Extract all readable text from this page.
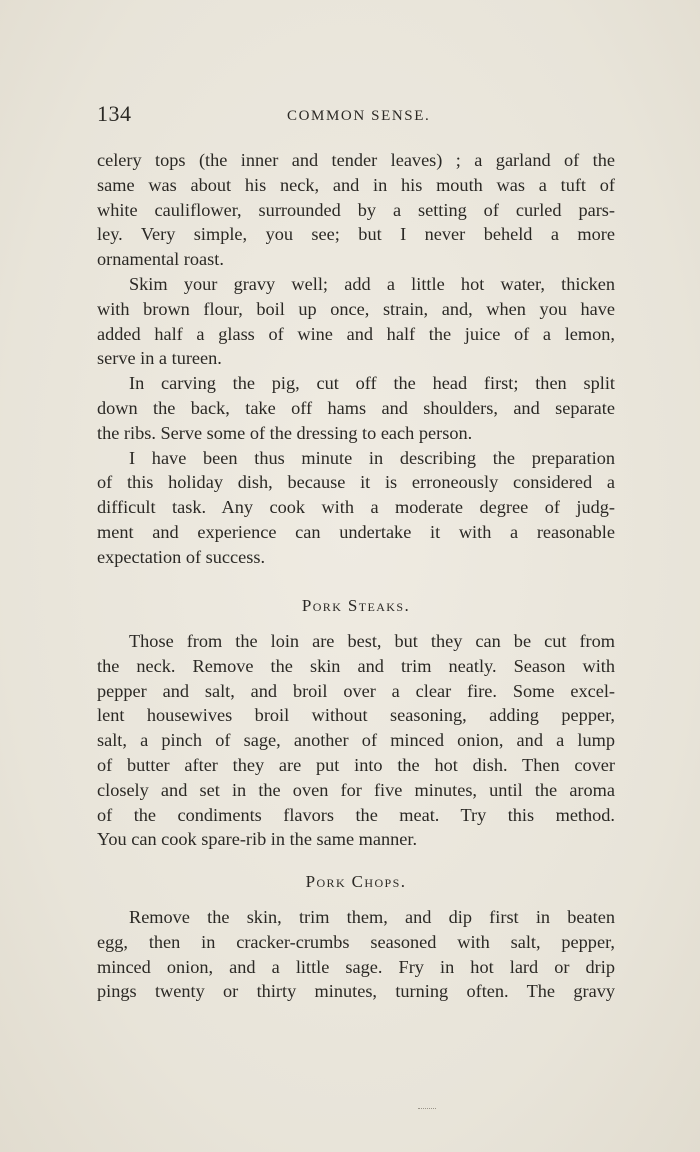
134	COMMON SENSE.
celery tops (the inner and tender leaves) ; a garland of the
same was about his neck, and in his mouth was a tuft of
white cauliflower, surrounded by a setting of curled pars-
ley. Very simple, you see; but I never beheld a more
ornamental roast.
Skim your gravy well; add a little hot water, thicken
with brown flour, boil up once, strain, and, when you have
added half a glass of wine and half the juice of a lemon,
serve in a tureen.
In carving the pig, cut off the head first; then split
down the back, take off hams and shoulders, and separate
the ribs. Serve some of the dressing to each person.
I have been thus minute in describing the preparation
of this holiday dish, because it is erroneously considered a
difficult task. Any cook with a moderate degree of judg-
ment and experience can undertake it with a reasonable
expectation of success.
Pork Steaks.
Those from the loin are best, but they can be cut from
the neck. Remove the skin and trim neatly. Season with
pepper and salt, and broil over a clear fire. Some excel-
lent housewives broil without seasoning, adding pepper,
salt, a pinch of sage, another of minced onion, and a lump
of butter after they are put into the hot dish. Then cover
closely and set in the oven for five minutes, until the aroma
of the condiments flavors the meat. Try this method.
You can cook spare-rib in the same manner.
Pork Chops.
Remove the skin, trim them, and dip first in beaten
egg, then in cracker-crumbs seasoned with salt, pepper,
minced onion, and a little sage. Fry in hot lard or drip
pings twenty or thirty minutes, turning often. The gravy
